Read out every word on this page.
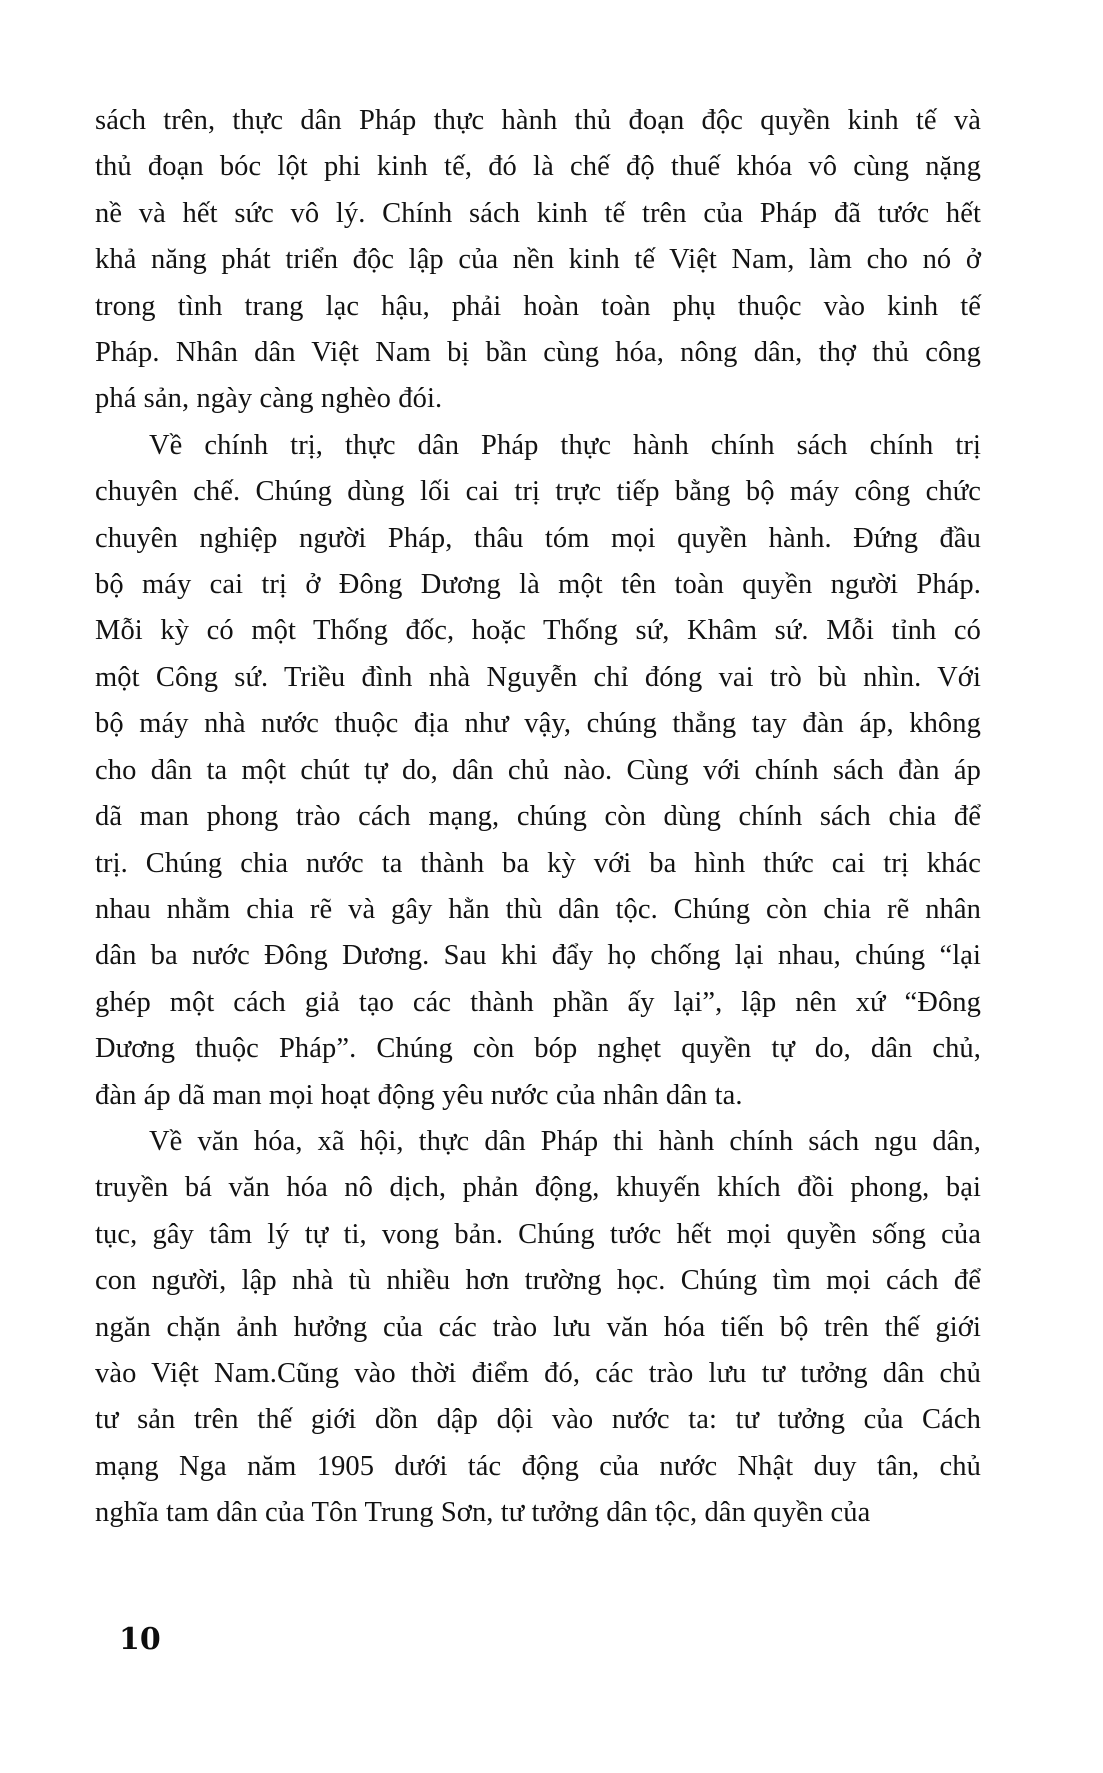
sách trên, thực dân Pháp thực hành thủ đoạn độc quyền kinh tế và
thủ đoạn bóc lột phi kinh tế, đó là chế độ thuế khóa vô cùng nặng
nề và hết sức vô lý. Chính sách kinh tế trên của Pháp đã tước hết
khả năng phát triển độc lập của nền kinh tế Việt Nam, làm cho nó ở
trong tình trang lạc hậu, phải hoàn toàn phụ thuộc vào kinh tế
Pháp. Nhân dân Việt Nam bị bần cùng hóa, nông dân, thợ thủ công
phá sản, ngày càng nghèo đói.

Về chính trị, thực dân Pháp thực hành chính sách chính trị
chuyên chế. Chúng dùng lối cai trị trực tiếp bằng bộ máy công chức
chuyên nghiệp người Pháp, thâu tóm mọi quyền hành. Đứng đầu
bộ máy cai trị ở Đông Dương là một tên toàn quyền người Pháp.
Mỗi kỳ có một Thống đốc, hoặc Thống sứ, Khâm sứ. Mỗi tỉnh có
một Công sứ. Triều đình nhà Nguyễn chỉ đóng vai trò bù nhìn. Với
bộ máy nhà nước thuộc địa như vậy, chúng thẳng tay đàn áp, không
cho dân ta một chút tự do, dân chủ nào. Cùng với chính sách đàn áp
dã man phong trào cách mạng, chúng còn dùng chính sách chia để
trị. Chúng chia nước ta thành ba kỳ với ba hình thức cai trị khác
nhau nhằm chia rẽ và gây hằn thù dân tộc. Chúng còn chia rẽ nhân
dân ba nước Đông Dương. Sau khi đẩy họ chống lại nhau, chúng “lại
ghép một cách giả tạo các thành phần ấy lại”, lập nên xứ “Đông
Dương thuộc Pháp”. Chúng còn bóp nghẹt quyền tự do, dân chủ,
đàn áp dã man mọi hoạt động yêu nước của nhân dân ta.

Về văn hóa, xã hội, thực dân Pháp thi hành chính sách ngu dân,
truyền bá văn hóa nô dịch, phản động, khuyến khích đồi phong, bại
tục, gây tâm lý tự ti, vong bản. Chúng tước hết mọi quyền sống của
con người, lập nhà tù nhiều hơn trường học. Chúng tìm mọi cách để
ngăn chặn ảnh hưởng của các trào lưu văn hóa tiến bộ trên thế giới
vào Việt Nam.Cũng vào thời điểm đó, các trào lưu tư tưởng dân chủ
tư sản trên thế giới dồn dập dội vào nước ta: tư tưởng của Cách
mạng Nga năm 1905 dưới tác động của nước Nhật duy tân, chủ
nghĩa tam dân của Tôn Trung Sơn, tư tưởng dân tộc, dân quyền của

10
